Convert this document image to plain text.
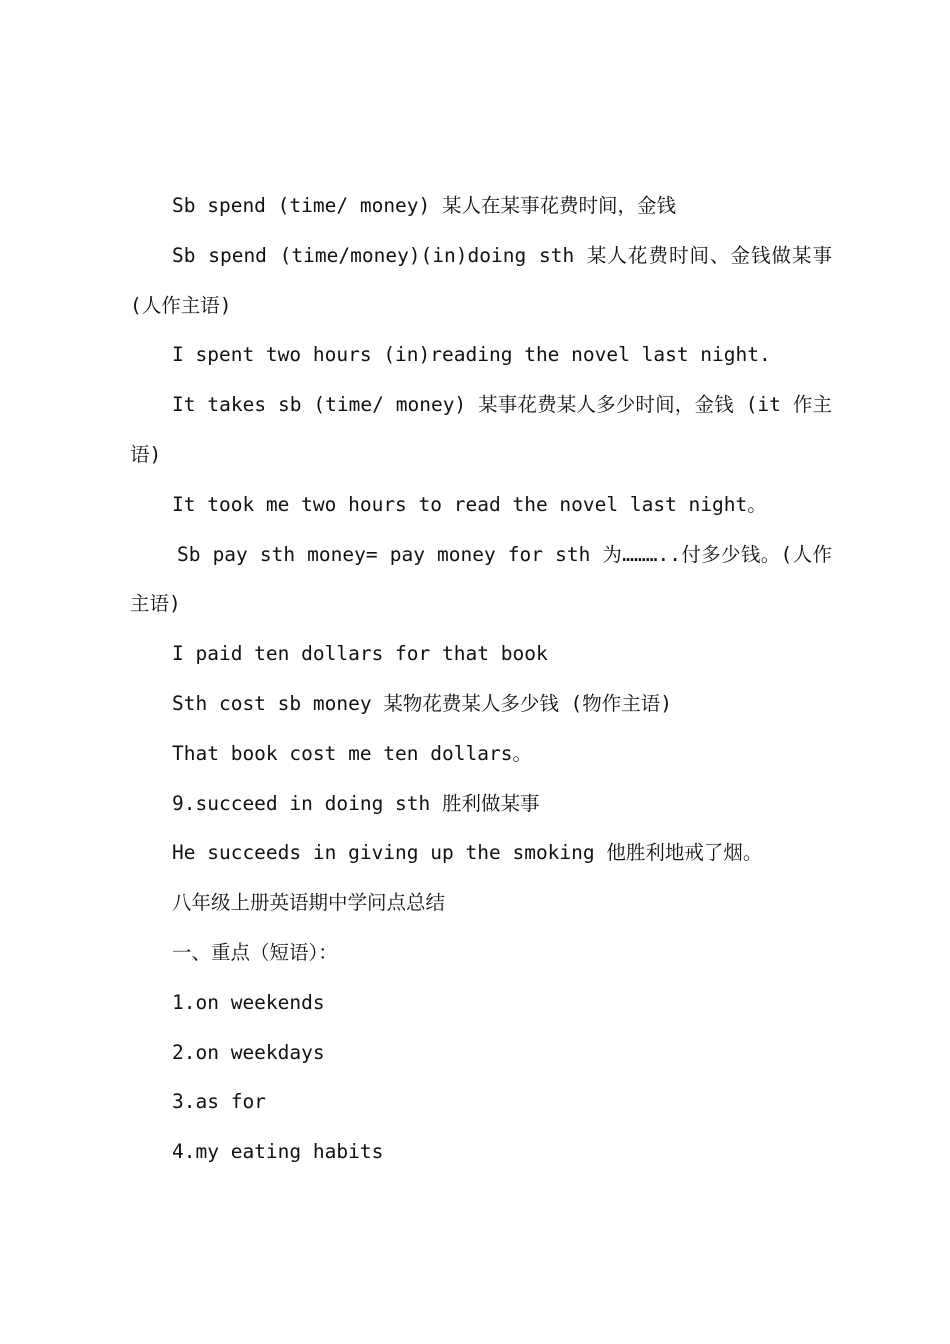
Sb spend (time/ money) 某人在某事花费时间，金钱

Sb spend (time/money)(in)doing sth 某人花费时间、金钱做某事(人作主语)

I spent two hours (in)reading the novel last night.

It takes sb (time/ money) 某事花费某人多少时间，金钱 (it 作主语)

It took me two hours to read the novel last night。

Sb pay sth money= pay money for sth 为………..付多少钱。(人作主语)

I paid ten dollars for that book

Sth cost sb money 某物花费某人多少钱 (物作主语)

That book cost me ten dollars。

9.succeed in doing sth 胜利做某事

He succeeds in giving up the smoking 他胜利地戒了烟。

八年级上册英语期中学问点总结

一、重点（短语）：

1.on weekends

2.on weekdays

3.as for

4.my eating habits
